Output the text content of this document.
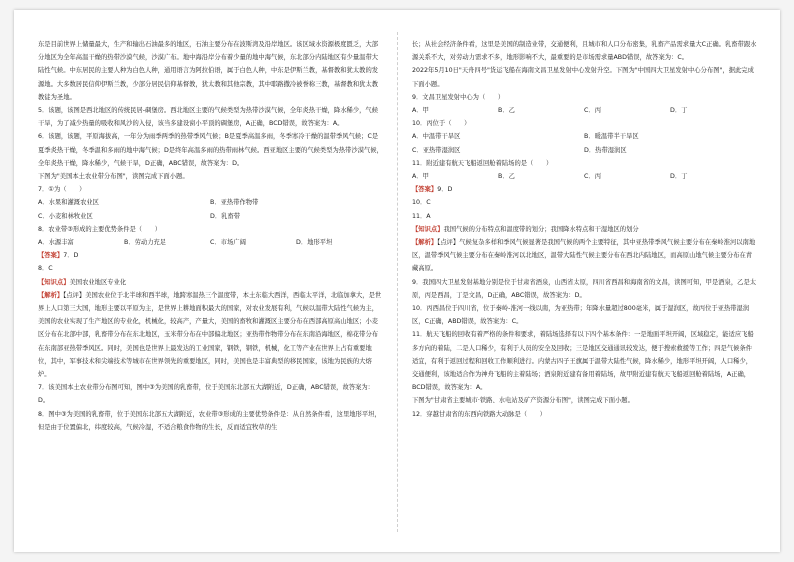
东是目前世界上储量最大，生产和输出石油最多的地区，石油主要分布在波斯湾及沿岸地区。该区域水资源极度匮乏，大部分地区为全年高温干燥的热带沙漠气候，沙漠广布。地中海沿岸分布着少量的地中海气候，东北部分内陆地区有少量温带大陆性气候。中东居民的主要人种为白色人种，通用语言为阿拉伯语，属于白色人种，中东是伊斯兰教，基督教和犹太教的发源地。大多数居民信仰伊斯兰教，少部分居民信仰基督教，犹太教和其他宗教，其中耶路撒冷被誉称三教，基督教和犹太教教徒为圣地。

5．该题，该图是西北地区的传统民居-碉堡房。西北地区主要的气候类型为热带沙漠气候，全年炎热干燥，降水稀少，气候干旱，为了减少热量的吸收和风沙的入侵，该当多建设窗小平顶的碉堡房，A正确，BCD错误，故答案为：A。

6．该题，该题，平原海拔高，一年分为雨季两季的热带季风气候；B是夏季高温多雨，冬季寒冷干燥的温带季风气候；C是夏季炎热干燥，冬季温和多雨的地中海气候；D是终年高温多雨的热带雨林气候。西亚地区主要的气候类型为热带沙漠气候，全年炎热干燥，降水稀少，气候干旱，D正确，ABC错误，故答案为：D。

下图为"美国本土农业带分布图"，读图完成下面小题。

7．①为（　　）

A．水果和灌溉农业区	B．亚热带作物带
C．小麦和林牧业区	D．乳畜带

8．农业带③形成的主要优势条件是（　　）

A．水源丰富	B．劳动力充足	C．市场广阔	D．地形平坦

【答案】7．D

8．C

【知识点】美国农业地区专业化

【解析】【点评】美国农业位于北半球和西半球，地跨寒温热三个温度带，本土东临大西洋，西临太平洋，北临加拿大，是世界上人口第三大国，地形主要以平原为主，是世界上耕地面积最大的国家，对农业发展有利，气候以温带大陆性气候为主，美国的农业实现了生产地区的专业化，机械化，较高产，产量大，美国的畜牧和灌溉区主要分布在西部高原高山地区；小麦区分布在北部中部，乳畜带分布在东北地区，玉米带分布在中部偏北地区；亚热带作物带分布在东南沿海地区，棉花带分布在东南部亚热带季风区。同时，美国也是世界上最发达的工业国家，钢铁，钢铁，机械，化工等产业在世界上占有重要地位，其中，军事技术和尖端技术等城市在世界领先的重要地区，同时，美国也是丰富典型的移民国家，该地为民族的大熔炉。

7．该美国本土农业带分布图可知，图中③为美国的乳畜带，位于美国东北部五大湖附近，D正确，ABC错误，故答案为：D。

8．图中③为美国的乳畜带，位于美国东北部五大湖附近，农业带③形成的主要优势条件是：从自然条件看，这里地形平坦，但是由于位置偏北，纬度较高，气候冷湿，不适合粮食作物的生长，反而适宜牧草的生

长；从社会经济条件看，这里是美国的制造业带，交通便利，且城市和人口分布密集，乳畜产品需求量大C正确。乳畜带跟水源关系不大，对劳动力需求不多，地形影响不大，最重要的是市场需求量ABD错误，故答案为：C。

2022年5月10日"天舟四号"货运飞船在海南文昌卫星发射中心发射升空。下图为"中国四大卫星发射中心分布图"，据此完成下面小题。

9．文昌卫星发射中心为（　　）

A．甲	B．乙	C．丙	D．丁

10．丙位于（　　）

A．中温带干旱区	B．暖温带半干旱区
C．亚热带湿润区	D．热带湿润区

11．附近建有航天飞船返回舱着陆场的是（　　）

A．甲	B．乙	C．丙	D．丁

【答案】9．D

10．C

11．A

【知识点】我国气候的分布特点和温度带的划分；我国降水特点和干湿地区的划分

【解析】【点评】气候复杂多样和季风气候显著是我国气候的两个主要特征，其中亚热带季风气候主要分布在秦岭淮河以南地区，温带季风气候主要分布在秦岭淮河以北地区，温带大陆性气候主要分布在西北内陆地区，而高原山地气候主要分布在青藏高原。

9．我国四大卫星发射基地分别是位于甘肃省酒泉，山西省太原，四川省西昌和海南省的文昌，读图可知，甲是酒泉，乙是太原，丙是西昌，丁是文昌，D正确，ABC错误，故答案为：D。

10．丙西昌位于四川省，位于秦岭-淮河一线以南，为亚热带；年降水量超过800毫米，属于湿润区，故丙位于亚热带湿润区，C正确，ABD错误，故答案为：C。

11．航天飞船的回收有着严格的条件和要求，着陆场选择有以下四个基本条件：一是地面平坦开阔，区域稳定，能适应飞船多方向的着陆，二是人口稀少，有利于人员的安全及回收；三是地区交通通讯较发达，便于搜索救援等工作；四是气候条件适宜，有利于返回过程和回收工作顺利进行。内蒙古四子王旗属于温带大陆性气候，降水稀少，地形平坦开阔，人口稀少，交通便利，该地适合作为神舟飞船的主着陆场；酒泉附近建有备用着陆场，故甲附近建有航天飞船返回舱着陆场，A正确，BCD错误，故答案为：A。

下图为"甘肃省主要城市·铁路、水电站及矿产资源分布图"，读图完成下面小题。

12．穿越甘肃省的东西向铁路大动脉是（　　）
